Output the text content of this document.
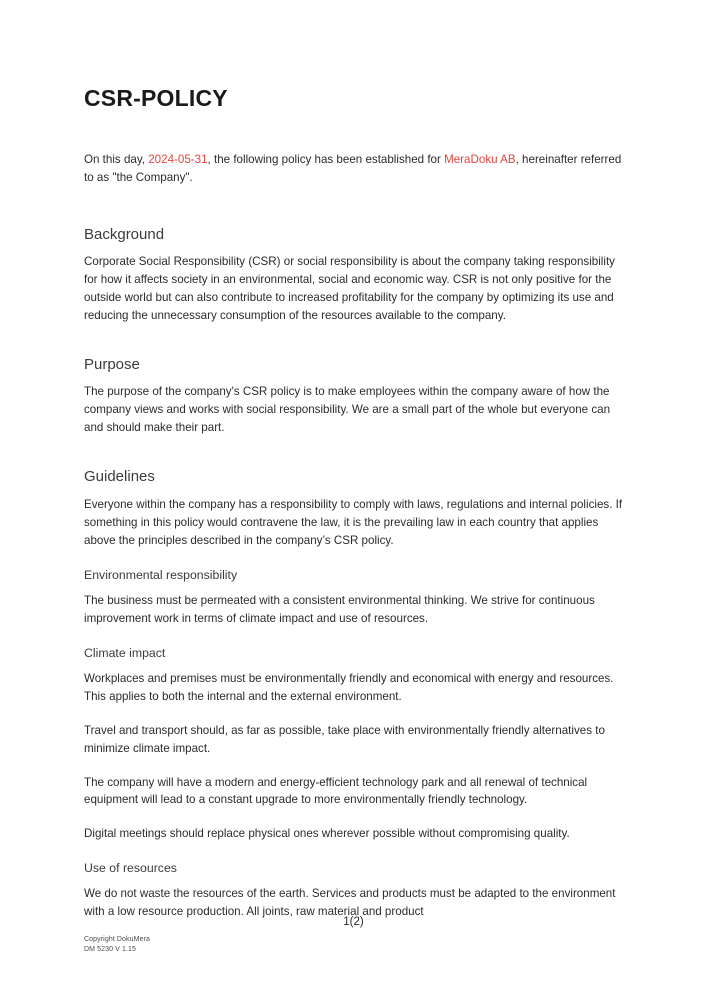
CSR-POLICY

On this day, 2024-05-31, the following policy has been established for MeraDoku AB, hereinafter referred to as "the Company".

Background

Corporate Social Responsibility (CSR) or social responsibility is about the company taking responsibility for how it affects society in an environmental, social and economic way. CSR is not only positive for the outside world but can also contribute to increased profitability for the company by optimizing its use and reducing the unnecessary consumption of the resources available to the company.

Purpose

The purpose of the company's CSR policy is to make employees within the company aware of how the company views and works with social responsibility. We are a small part of the whole but everyone can and should make their part.

Guidelines

Everyone within the company has a responsibility to comply with laws, regulations and internal policies. If something in this policy would contravene the law, it is the prevailing law in each country that applies above the principles described in the company’s CSR policy.

Environmental responsibility

The business must be permeated with a consistent environmental thinking. We strive for continuous improvement work in terms of climate impact and use of resources.

Climate impact

Workplaces and premises must be environmentally friendly and economical with energy and resources. This applies to both the internal and the external environment.

Travel and transport should, as far as possible, take place with environmentally friendly alternatives to minimize climate impact.

The company will have a modern and energy-efficient technology park and all renewal of technical equipment will lead to a constant upgrade to more environmentally friendly technology.

Digital meetings should replace physical ones wherever possible without compromising quality.

Use of resources

We do not waste the resources of the earth. Services and products must be adapted to the environment with a low resource production. All joints, raw material and product

1(2)
Copyright DokuMera
DM 5230 V 1.15
